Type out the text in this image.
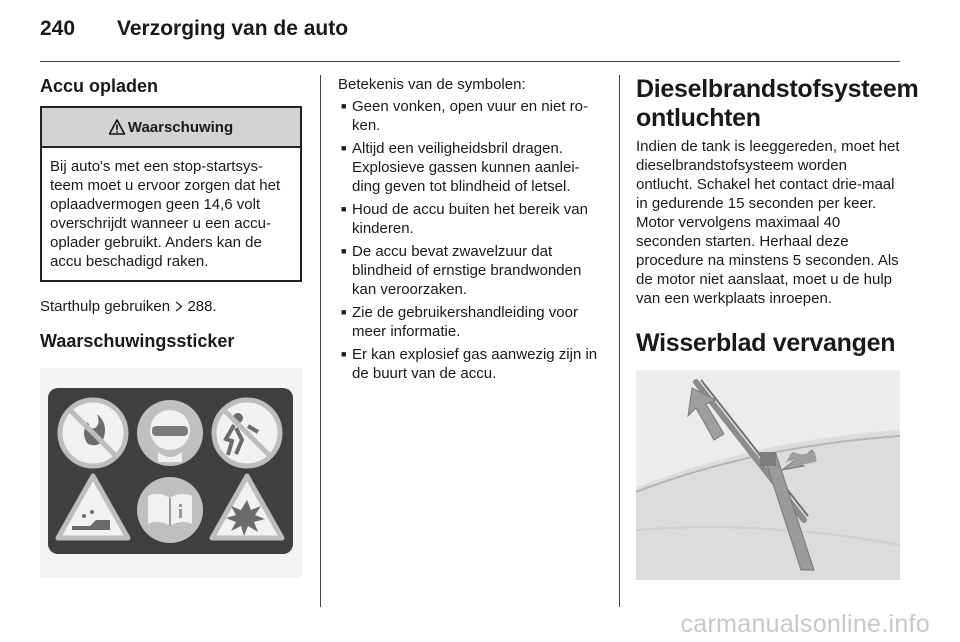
240 Verzorging van de auto
Accu opladen
Waarschuwing
Bij auto's met een stop-startsys-teem moet u ervoor zorgen dat het oplaadvermogen geen 14,6 volt overschrijdt wanneer u een accu-oplader gebruikt. Anders kan de accu beschadigd raken.

Starthulp gebruiken 288.

Waarschuwingssticker

Betekenis van de symbolen:

■ Geen vonken, open vuur en niet ro-ken.
■ Altijd een veiligheidsbril dragen. Explosieve gassen kunnen aanlei-ding geven tot blindheid of letsel.
■ Houd de accu buiten het bereik van kinderen.
■ De accu bevat zwavelzuur dat blindheid of ernstige brandwonden kan veroorzaken.
■ Zie de gebruikershandleiding voor meer informatie.
■ Er kan explosief gas aanwezig zijn in de buurt van de accu.
Dieselbrandstofsysteem ontluchten

Indien de tank is leeggereden, moet het dieselbrandstofsysteem worden ontlucht. Schakel het contact drie-maal in gedurende 15 seconden per keer. Motor vervolgens maximaal 40 seconden starten. Herhaal deze procedure na minstens 5 seconden. Als de motor niet aanslaat, moet u de hulp van een werkplaats inroepen.

Wisserblad vervangen
carmanualsonline.info
